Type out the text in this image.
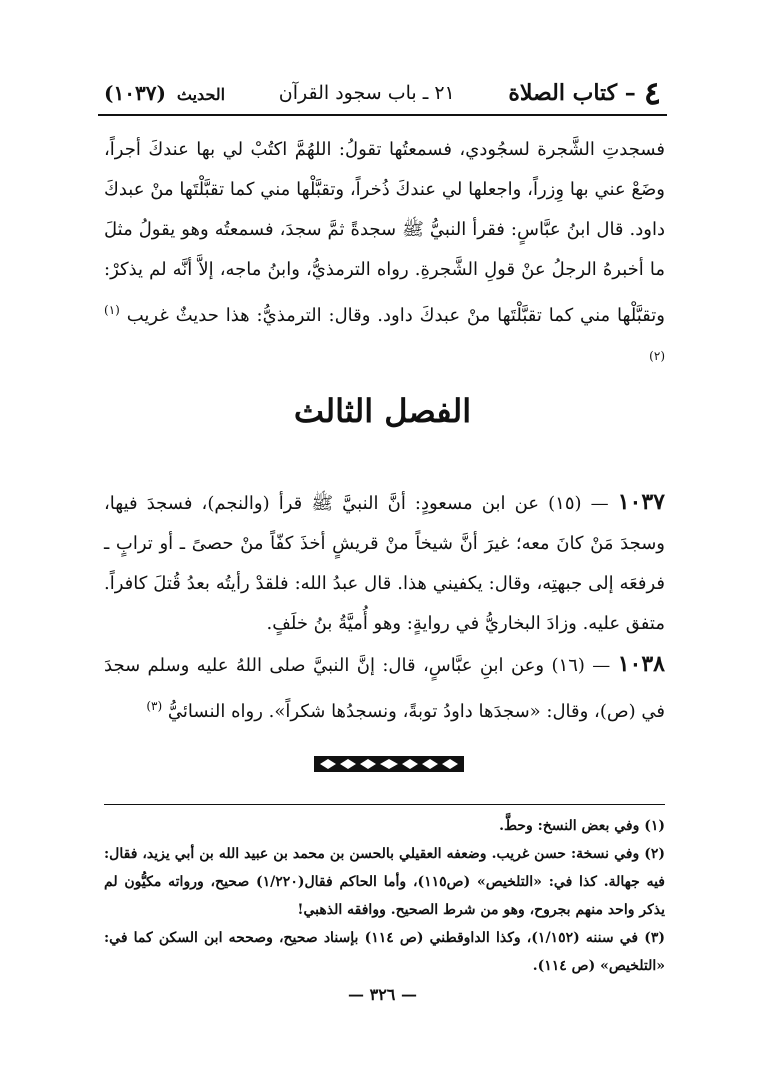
٤
– كتاب الصلاة
٢١ ـ باب سجود القرآن
الحديث (١٠٣٧)

فسجدتِ الشَّجرة لسجُودي، فسمعتُها تقولُ: اللهُمَّ اكتُبْ لي بها عندكَ أجراً، وضَعْ عني بها وِزراً، واجعلها لي عندكَ ذُخراً، وتقبَّلْها مني كما تقبَّلْتَها منْ عبدكَ داود. قال ابنُ عبَّاسٍ: فقرأ النبيُّ ﷺ سجدةً ثمَّ سجدَ، فسمعتُه وهو يقولُ مثلَ ما أخبرهُ الرجلُ عنْ قولِ الشَّجرةِ. رواه الترمذيُّ، وابنُ ماجه، إلاَّ أنَّه لم يذكرْ: وتقبَّلْها مني كما تقبَّلْتَها منْ عبدكَ داود. وقال: الترمذيُّ: هذا حديثٌ غريب $^{(١)}$ $^{(٢)}$

الفصل الثالث

١٠٣٧ — (١٥) عن ابن مسعودٍ: أنَّ النبيَّ ﷺ قرأ (والنجم)، فسجدَ فيها، وسجدَ مَنْ كانَ معه؛ غيرَ أنَّ شيخاً منْ قريشٍ أخذَ كفّاً منْ حصىً ـ أو ترابٍ ـ فرفعَه إلى جبهتِه، وقال: يكفيني هذا. قال عبدُ الله: فلقدْ رأيتُه بعدُ قُتلَ كافراً. متفق عليه. وزادَ البخاريُّ في روايةٍ: وهو أُميَّةُ بنُ خلَفٍ.

١٠٣٨ — (١٦) وعن ابنِ عبَّاسٍ، قال: إنَّ النبيَّ صلى اللهُ عليه وسلم سجدَ في (ص)، وقال: «سجدَها داودُ توبةً، ونسجدُها شكراً». رواه النسائيُّ $^{(٣)}$

(١) وفي بعض النسخ: وحطَّ.

(٢) وفي نسخة: حسن غريب. وضعفه العقيلي بالحسن بن محمد بن عبيد الله بن أبي يزيد، فقال: فيه جهالة. كذا في: «التلخيص» (ص١١٥)، وأما الحاكم فقال(١/٢٢٠) صحيح، ورواته مكيُّون لم يذكر واحد منهم بجروح، وهو من شرط الصحيح. ووافقه الذهبي!

(٣) في سننه (١/١٥٢)، وكذا الداوقطني (ص ١١٤) بإسناد صحيح، وصححه ابن السكن كما في: «التلخيص» (ص ١١٤).

— ٣٢٦ —
